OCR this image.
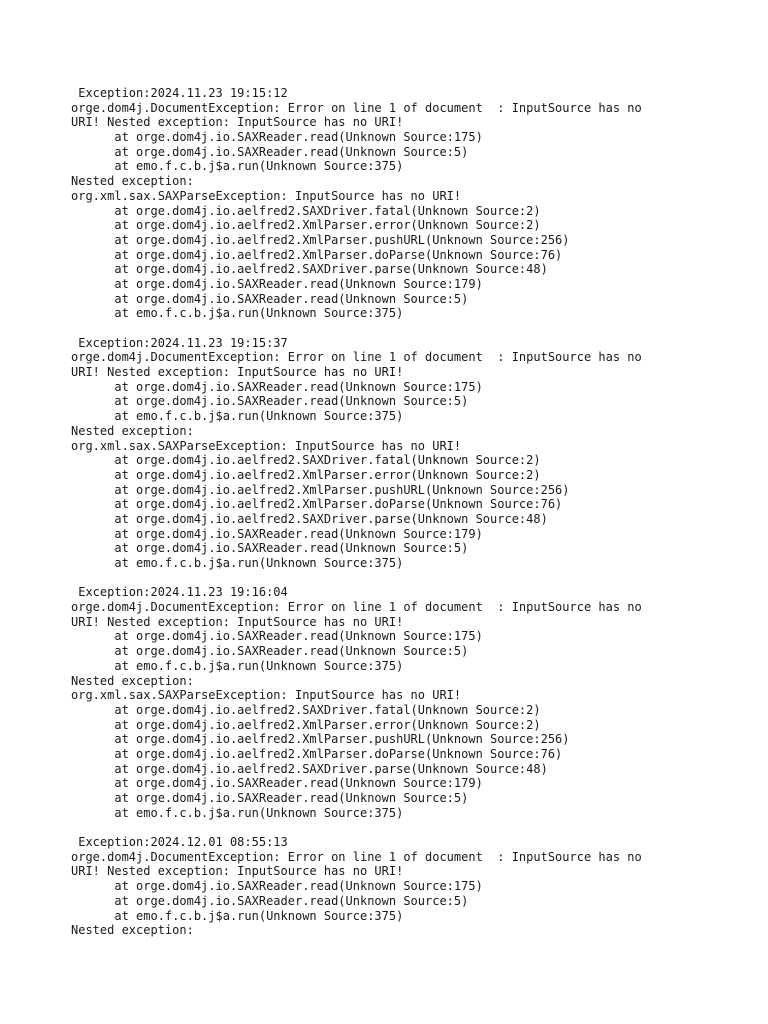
Exception:2024.11.23 19:15:12
orge.dom4j.DocumentException: Error on line 1 of document  : InputSource has no
URI! Nested exception: InputSource has no URI!
at orge.dom4j.io.SAXReader.read(Unknown Source:175)
at orge.dom4j.io.SAXReader.read(Unknown Source:5)
at emo.f.c.b.j$a.run(Unknown Source:375)
Nested exception:
org.xml.sax.SAXParseException: InputSource has no URI!
at orge.dom4j.io.aelfred2.SAXDriver.fatal(Unknown Source:2)
at orge.dom4j.io.aelfred2.XmlParser.error(Unknown Source:2)
at orge.dom4j.io.aelfred2.XmlParser.pushURL(Unknown Source:256)
at orge.dom4j.io.aelfred2.XmlParser.doParse(Unknown Source:76)
at orge.dom4j.io.aelfred2.SAXDriver.parse(Unknown Source:48)
at orge.dom4j.io.SAXReader.read(Unknown Source:179)
at orge.dom4j.io.SAXReader.read(Unknown Source:5)
at emo.f.c.b.j$a.run(Unknown Source:375)
Exception:2024.11.23 19:15:37
orge.dom4j.DocumentException: Error on line 1 of document  : InputSource has no
URI! Nested exception: InputSource has no URI!
at orge.dom4j.io.SAXReader.read(Unknown Source:175)
at orge.dom4j.io.SAXReader.read(Unknown Source:5)
at emo.f.c.b.j$a.run(Unknown Source:375)
Nested exception:
org.xml.sax.SAXParseException: InputSource has no URI!
at orge.dom4j.io.aelfred2.SAXDriver.fatal(Unknown Source:2)
at orge.dom4j.io.aelfred2.XmlParser.error(Unknown Source:2)
at orge.dom4j.io.aelfred2.XmlParser.pushURL(Unknown Source:256)
at orge.dom4j.io.aelfred2.XmlParser.doParse(Unknown Source:76)
at orge.dom4j.io.aelfred2.SAXDriver.parse(Unknown Source:48)
at orge.dom4j.io.SAXReader.read(Unknown Source:179)
at orge.dom4j.io.SAXReader.read(Unknown Source:5)
at emo.f.c.b.j$a.run(Unknown Source:375)
Exception:2024.11.23 19:16:04
orge.dom4j.DocumentException: Error on line 1 of document  : InputSource has no
URI! Nested exception: InputSource has no URI!
at orge.dom4j.io.SAXReader.read(Unknown Source:175)
at orge.dom4j.io.SAXReader.read(Unknown Source:5)
at emo.f.c.b.j$a.run(Unknown Source:375)
Nested exception:
org.xml.sax.SAXParseException: InputSource has no URI!
at orge.dom4j.io.aelfred2.SAXDriver.fatal(Unknown Source:2)
at orge.dom4j.io.aelfred2.XmlParser.error(Unknown Source:2)
at orge.dom4j.io.aelfred2.XmlParser.pushURL(Unknown Source:256)
at orge.dom4j.io.aelfred2.XmlParser.doParse(Unknown Source:76)
at orge.dom4j.io.aelfred2.SAXDriver.parse(Unknown Source:48)
at orge.dom4j.io.SAXReader.read(Unknown Source:179)
at orge.dom4j.io.SAXReader.read(Unknown Source:5)
at emo.f.c.b.j$a.run(Unknown Source:375)
Exception:2024.12.01 08:55:13
orge.dom4j.DocumentException: Error on line 1 of document  : InputSource has no
URI! Nested exception: InputSource has no URI!
at orge.dom4j.io.SAXReader.read(Unknown Source:175)
at orge.dom4j.io.SAXReader.read(Unknown Source:5)
at emo.f.c.b.j$a.run(Unknown Source:375)
Nested exception:
